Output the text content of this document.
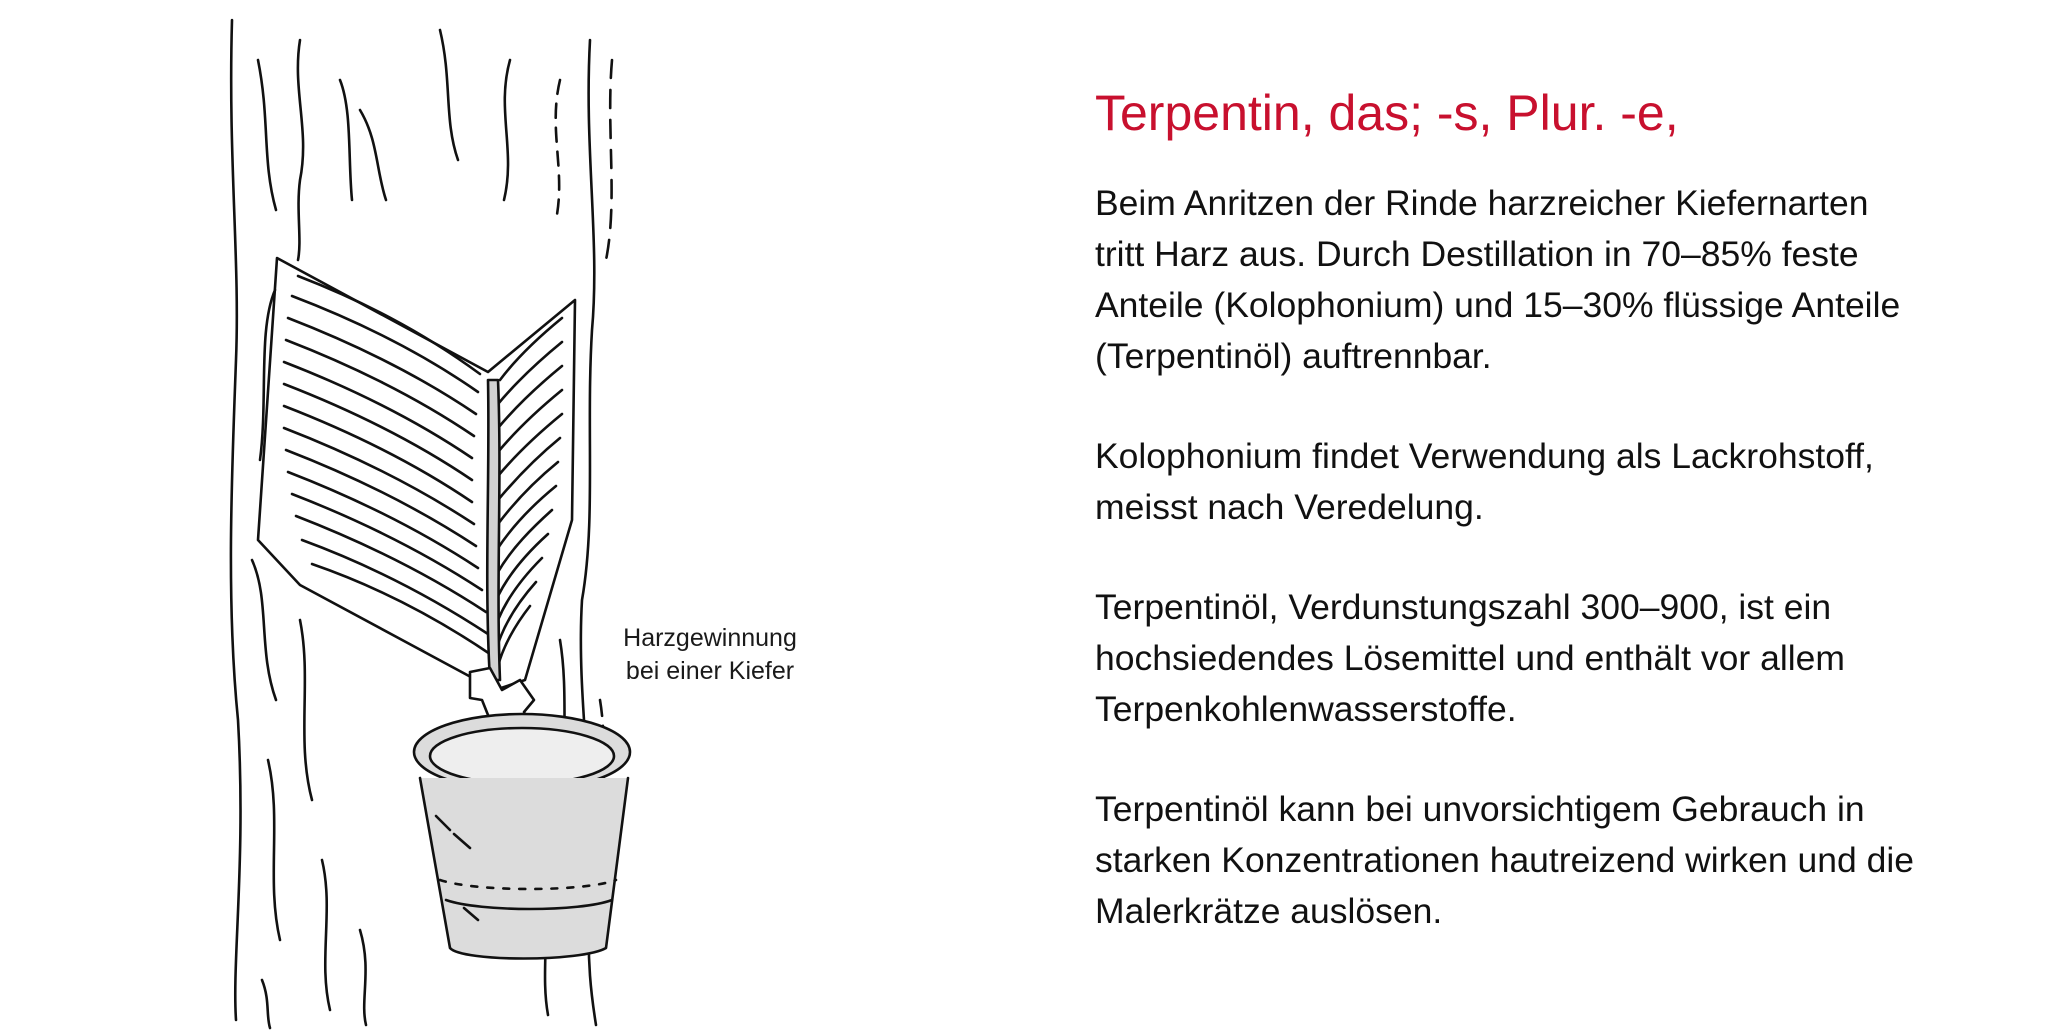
Harzgewinnung
bei einer Kiefer
Terpentin, das; -s, Plur. -e,

Beim Anritzen der Rinde harzreicher Kiefernarten
tritt Harz aus. Durch Destillation in 70–85% feste
Anteile (Kolophonium) und 15–30% flüssige Anteile
(Terpentinöl) auftrennbar.

Kolophonium findet Verwendung als Lackrohstoff,
meisst nach Veredelung.

Terpentinöl, Verdunstungszahl 300–900, ist ein
hochsiedendes Lösemittel und enthält vor allem
Terpenkohlenwasserstoffe.

Terpentinöl kann bei unvorsichtigem Gebrauch in
starken Konzentrationen hautreizend wirken und die
Malerkrätze auslösen.
